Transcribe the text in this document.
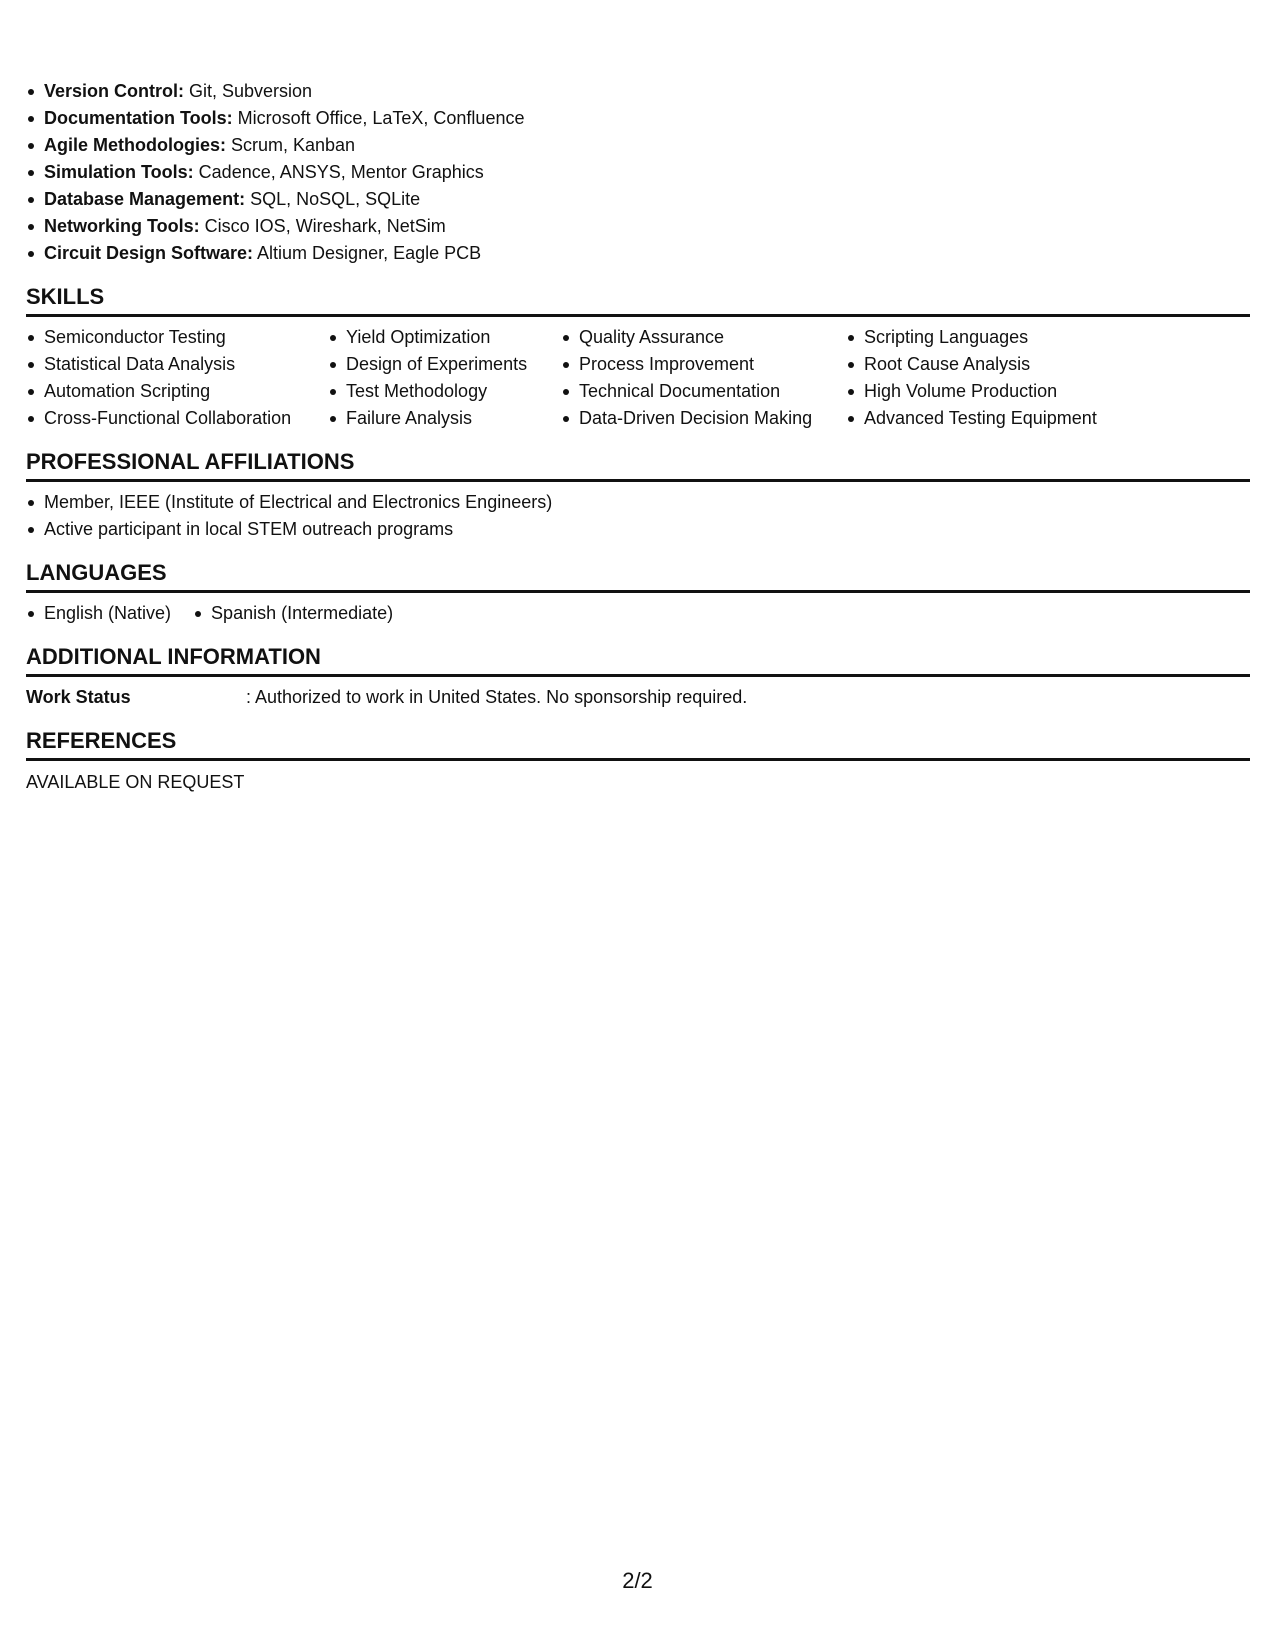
Version Control: Git, Subversion
Documentation Tools: Microsoft Office, LaTeX, Confluence
Agile Methodologies: Scrum, Kanban
Simulation Tools: Cadence, ANSYS, Mentor Graphics
Database Management: SQL, NoSQL, SQLite
Networking Tools: Cisco IOS, Wireshark, NetSim
Circuit Design Software: Altium Designer, Eagle PCB
SKILLS
Semiconductor Testing
Statistical Data Analysis
Automation Scripting
Cross-Functional Collaboration
Yield Optimization
Design of Experiments
Test Methodology
Failure Analysis
Quality Assurance
Process Improvement
Technical Documentation
Data-Driven Decision Making
Scripting Languages
Root Cause Analysis
High Volume Production
Advanced Testing Equipment
PROFESSIONAL AFFILIATIONS
Member, IEEE (Institute of Electrical and Electronics Engineers)
Active participant in local STEM outreach programs
LANGUAGES
English (Native)	Spanish (Intermediate)
ADDITIONAL INFORMATION
Work Status	: Authorized to work in United States. No sponsorship required.
REFERENCES
AVAILABLE ON REQUEST
2/2
